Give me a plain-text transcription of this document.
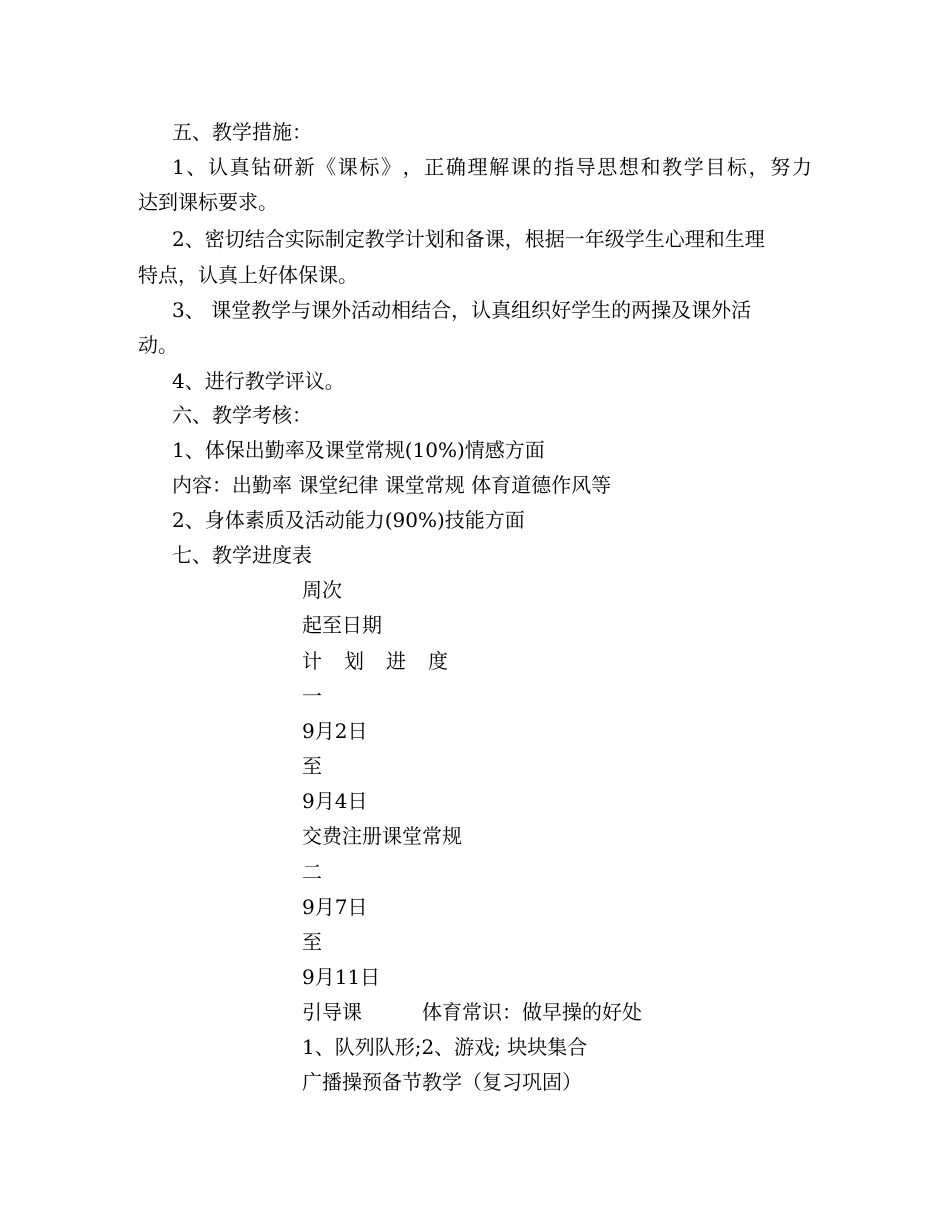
五、教学措施：
1 、 认 真 钻 研 新 《 课 标 》 ， 正 确 理 解 课 的 指 导 思 想 和 教 学 目 标 ， 努 力
达到课标要求。
2、密切结合实际制定教学计划和备课，根据一年级学生心理和生理
特点，认真上好体保课。
3、 课堂教学与课外活动相结合，认真组织好学生的两操及课外活
动。
4、进行教学评议。
六、教学考核：
1、体保出勤率及课堂常规(10%)情感方面
内容：出勤率 课堂纪律 课堂常规 体育道德作风等
2、身体素质及活动能力(90%)技能方面
七、教学进度表
周次
起至日期
计划进度
一
9月2日
至
9月4日
交费注册课堂常规
二
9月7日
至
9月11日
引导课　　　体育常识：做早操的好处
1、队列队形;2、游戏; 块块集合
广播操预备节教学（复习巩固）
